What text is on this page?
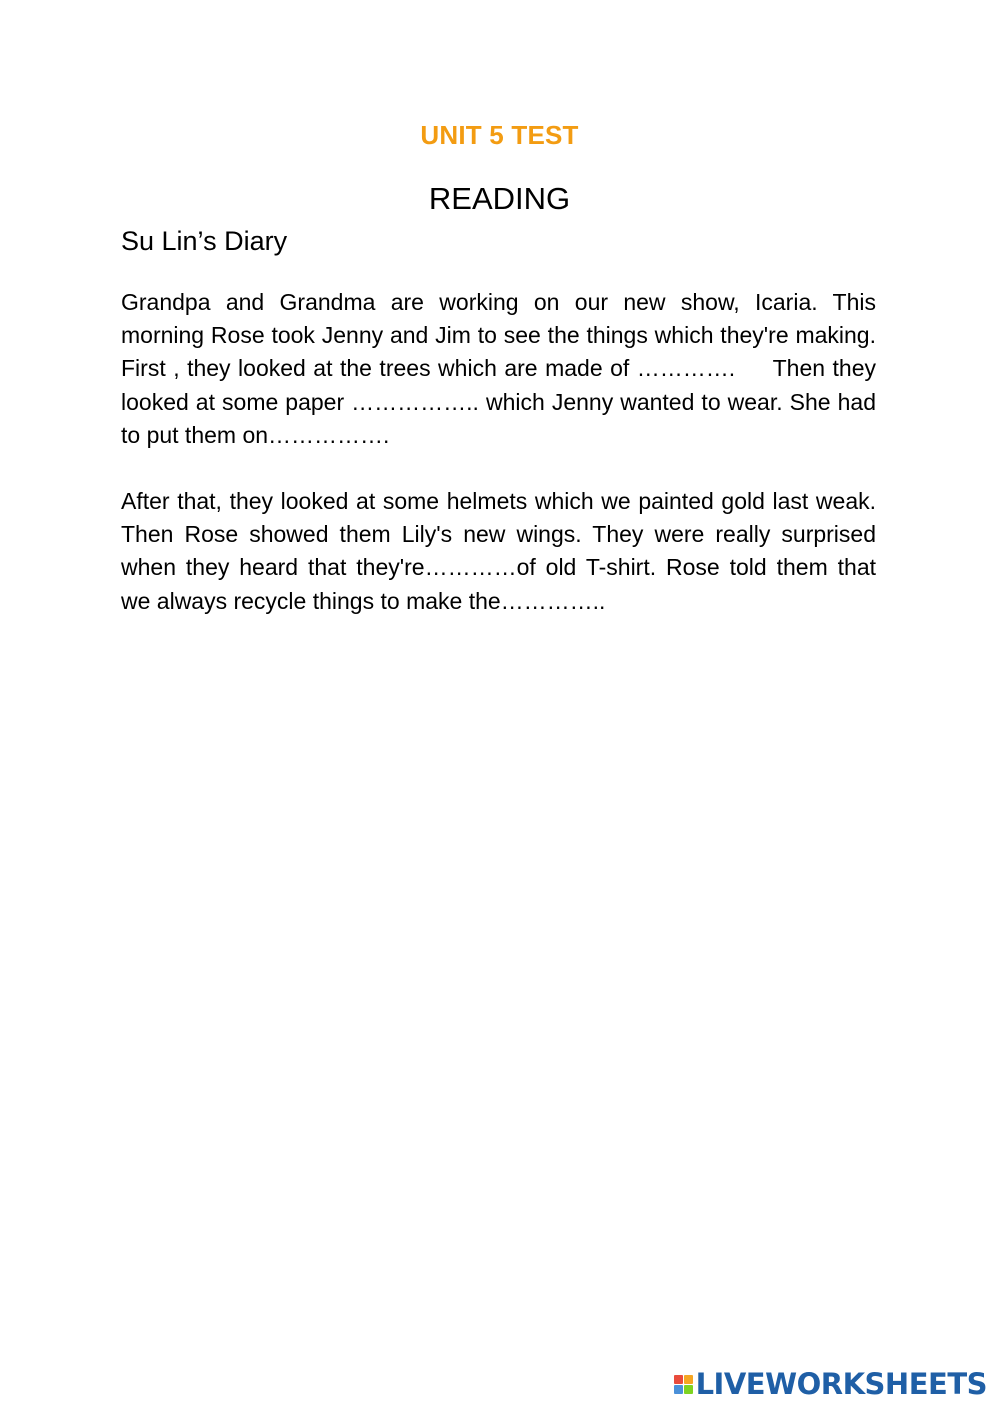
UNIT 5 TEST
READING
Su Lin’s Diary

Grandpa and Grandma are working on our new show, Icaria. This morning Rose took Jenny and Jim to see the things which they're making. First , they looked at the trees which are made of ………….     Then they looked at some paper …………….. which Jenny wanted to wear. She had to put them on…………….

After that, they looked at some helmets which we painted gold last weak. Then Rose showed them Lily's new wings. They were really surprised when they heard that they're…………of old T-shirt. Rose told them that we always recycle things to make the…………..

LIVEWORKSHEETS
